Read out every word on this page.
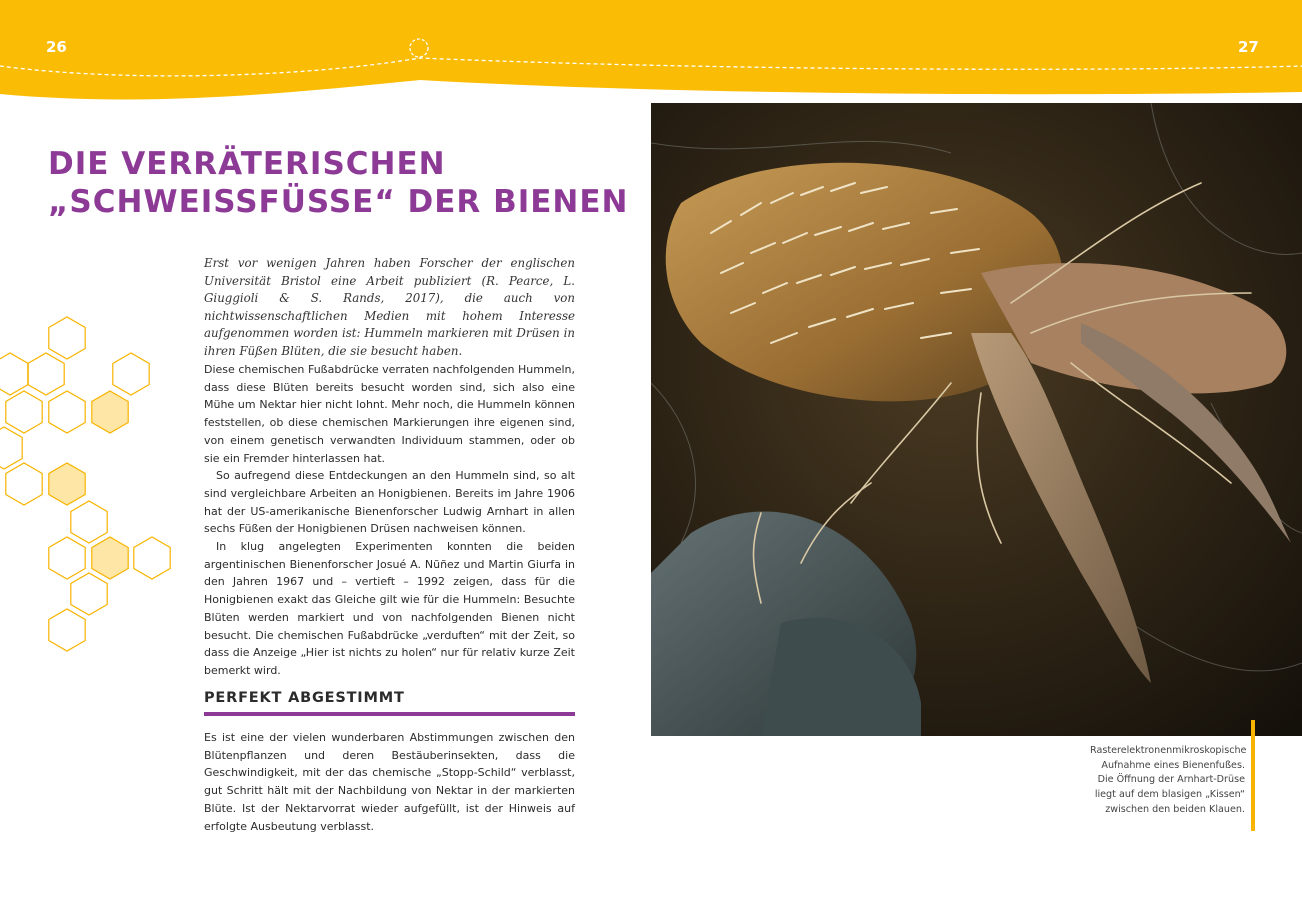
26	27
DIE VERRÄTERISCHEN
„SCHWEISSFÜSSE“ DER BIENEN

Erst vor wenigen Jahren haben Forscher der englischen Universität Bristol eine Arbeit publiziert (R. Pearce, L. Giuggioli & S. Rands, 2017), die auch von nichtwissenschaftlichen Medien mit hohem Interesse aufgenommen worden ist: Hummeln markieren mit Drüsen in ihren Füßen Blüten, die sie besucht haben.

Diese chemischen Fußabdrücke verraten nachfolgenden Hummeln, dass diese Blüten bereits besucht worden sind, sich also eine Mühe um Nektar hier nicht lohnt. Mehr noch, die Hummeln können feststellen, ob diese chemischen Markierungen ihre eigenen sind, von einem genetisch verwandten Individuum stammen, oder ob sie ein Fremder hinterlassen hat.

So aufregend diese Entdeckungen an den Hummeln sind, so alt sind vergleichbare Arbeiten an Honigbienen. Bereits im Jahre 1906 hat der US-amerikanische Bienenforscher Ludwig Arnhart in allen sechs Füßen der Honigbienen Drüsen nachweisen können.

In klug angelegten Experimenten konnten die beiden argentinischen Bienenforscher Josué A. Nũñez und Martin Giurfa in den Jahren 1967 und – vertieft – 1992 zeigen, dass für die Honigbienen exakt das Gleiche gilt wie für die Hummeln: Besuchte Blüten werden markiert und von nachfolgenden Bienen nicht besucht. Die chemischen Fußabdrücke „verduften“ mit der Zeit, so dass die Anzeige „Hier ist nichts zu holen“ nur für relativ kurze Zeit bemerkt wird.

PERFEKT ABGESTIMMT

Es ist eine der vielen wunderbaren Abstimmungen zwischen den Blütenpflanzen und deren Bestäuberinsekten, dass die Geschwindigkeit, mit der das chemische „Stopp-Schild“ verblasst, gut Schritt hält mit der Nachbildung von Nektar in der markierten Blüte. Ist der Nektarvorrat wieder aufgefüllt, ist der Hinweis auf erfolgte Ausbeutung verblasst.

Rasterelektronenmikroskopische Aufnahme eines Bienenfußes. Die Öffnung der Arnhart-Drüse liegt auf dem blasigen „Kissen“ zwischen den beiden Klauen.
